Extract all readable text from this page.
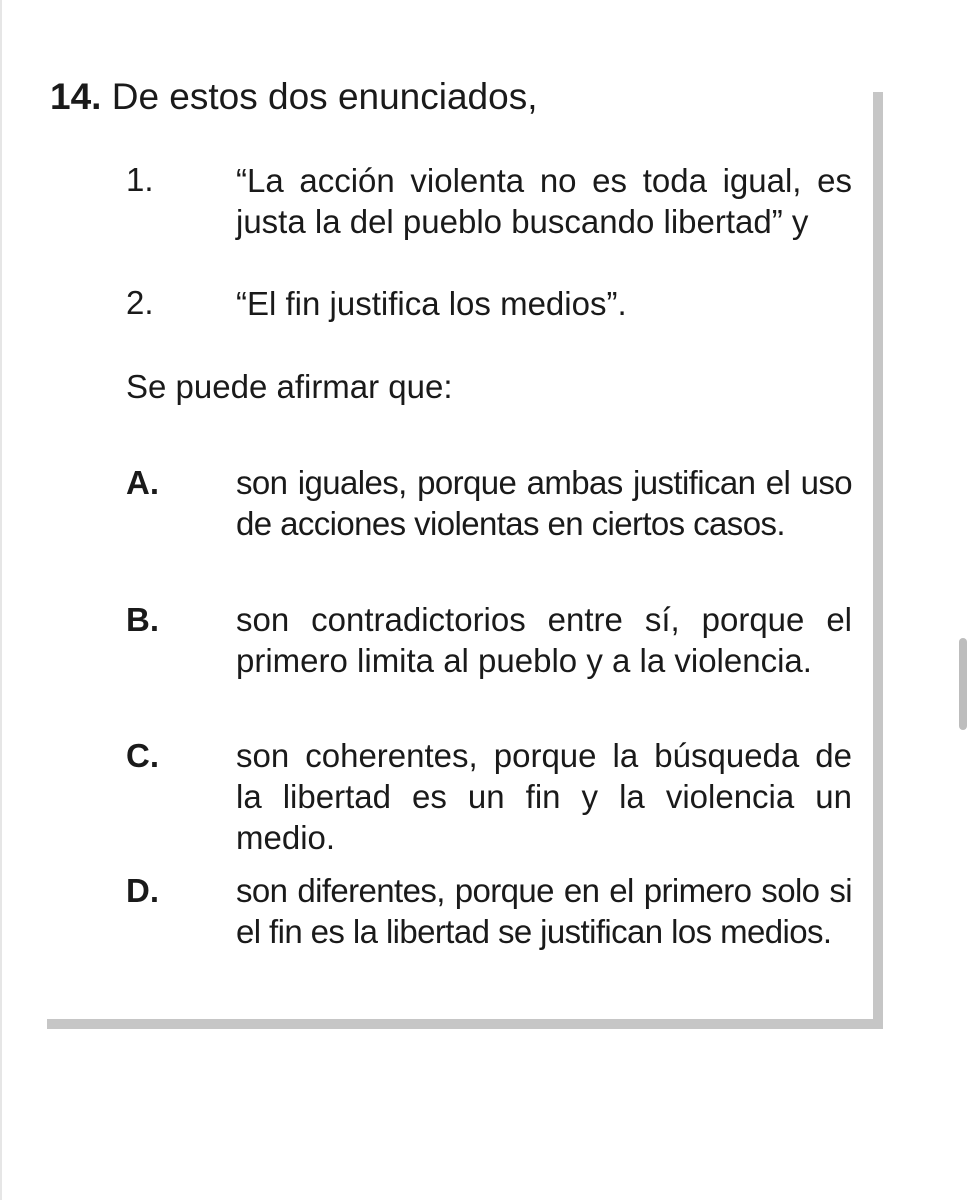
14. De estos dos enunciados,
1. “La acción violenta no es toda igual, es justa la del pueblo buscando libertad” y
2. “El fin justifica los medios”.
Se puede afirmar que:
A. son iguales, porque ambas justifican el uso de acciones violentas en ciertos casos.
B. son contradictorios entre sí, porque el primero limita al pueblo y a la violencia.
C. son coherentes, porque la búsqueda de la libertad es un fin y la violencia un medio.
D. son diferentes, porque en el primero solo si el fin es la libertad se justifican los medios.
